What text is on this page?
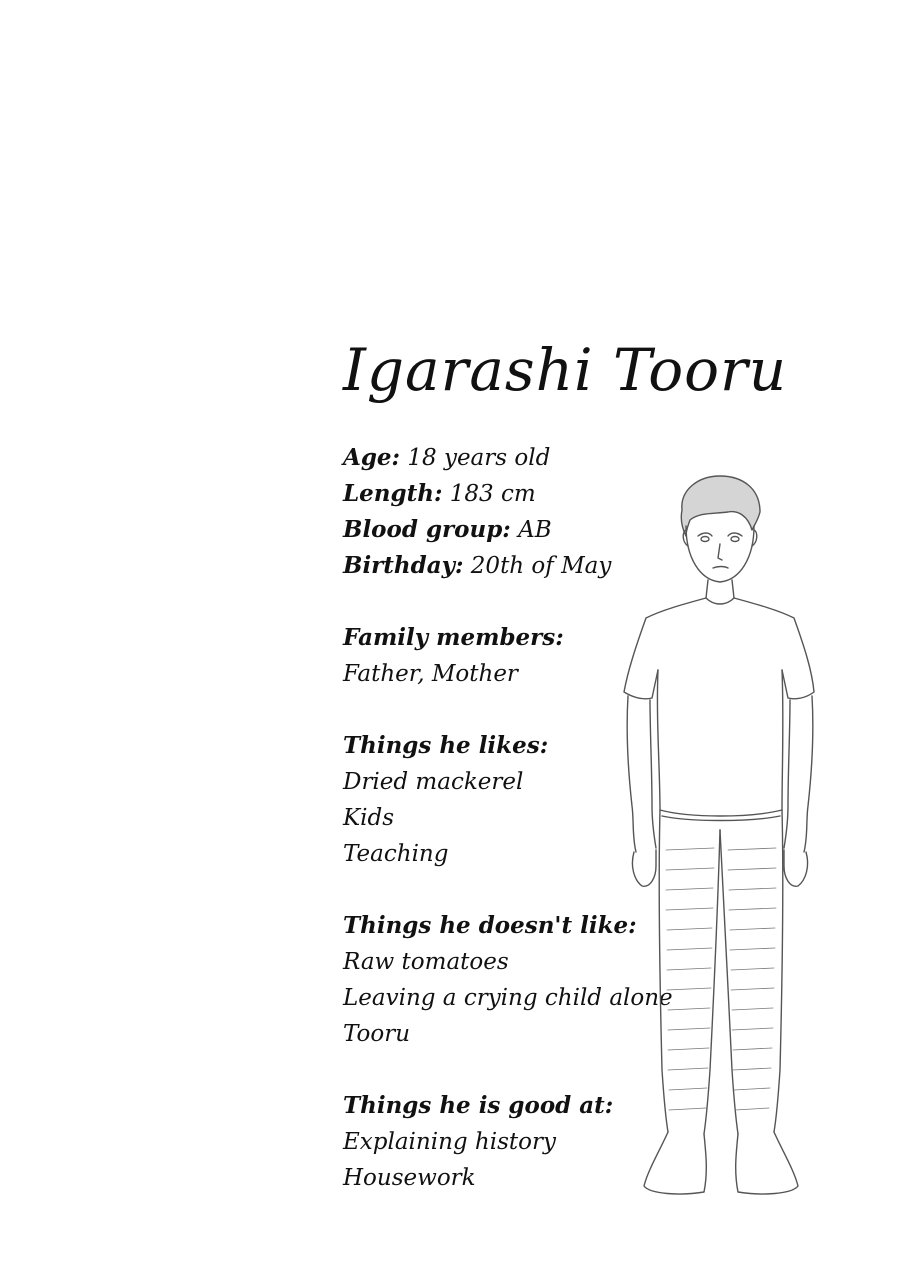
Igarashi Tooru
Age: 18 years old
Length: 183 cm
Blood group: AB
Birthday: 20th of May
Family members:
Father, Mother
Things he likes:
Dried mackerel
Kids
Teaching
Things he doesn't like:
Raw tomatoes
Leaving a crying child alone
Tooru
Things he is good at:
Explaining history
Housework
